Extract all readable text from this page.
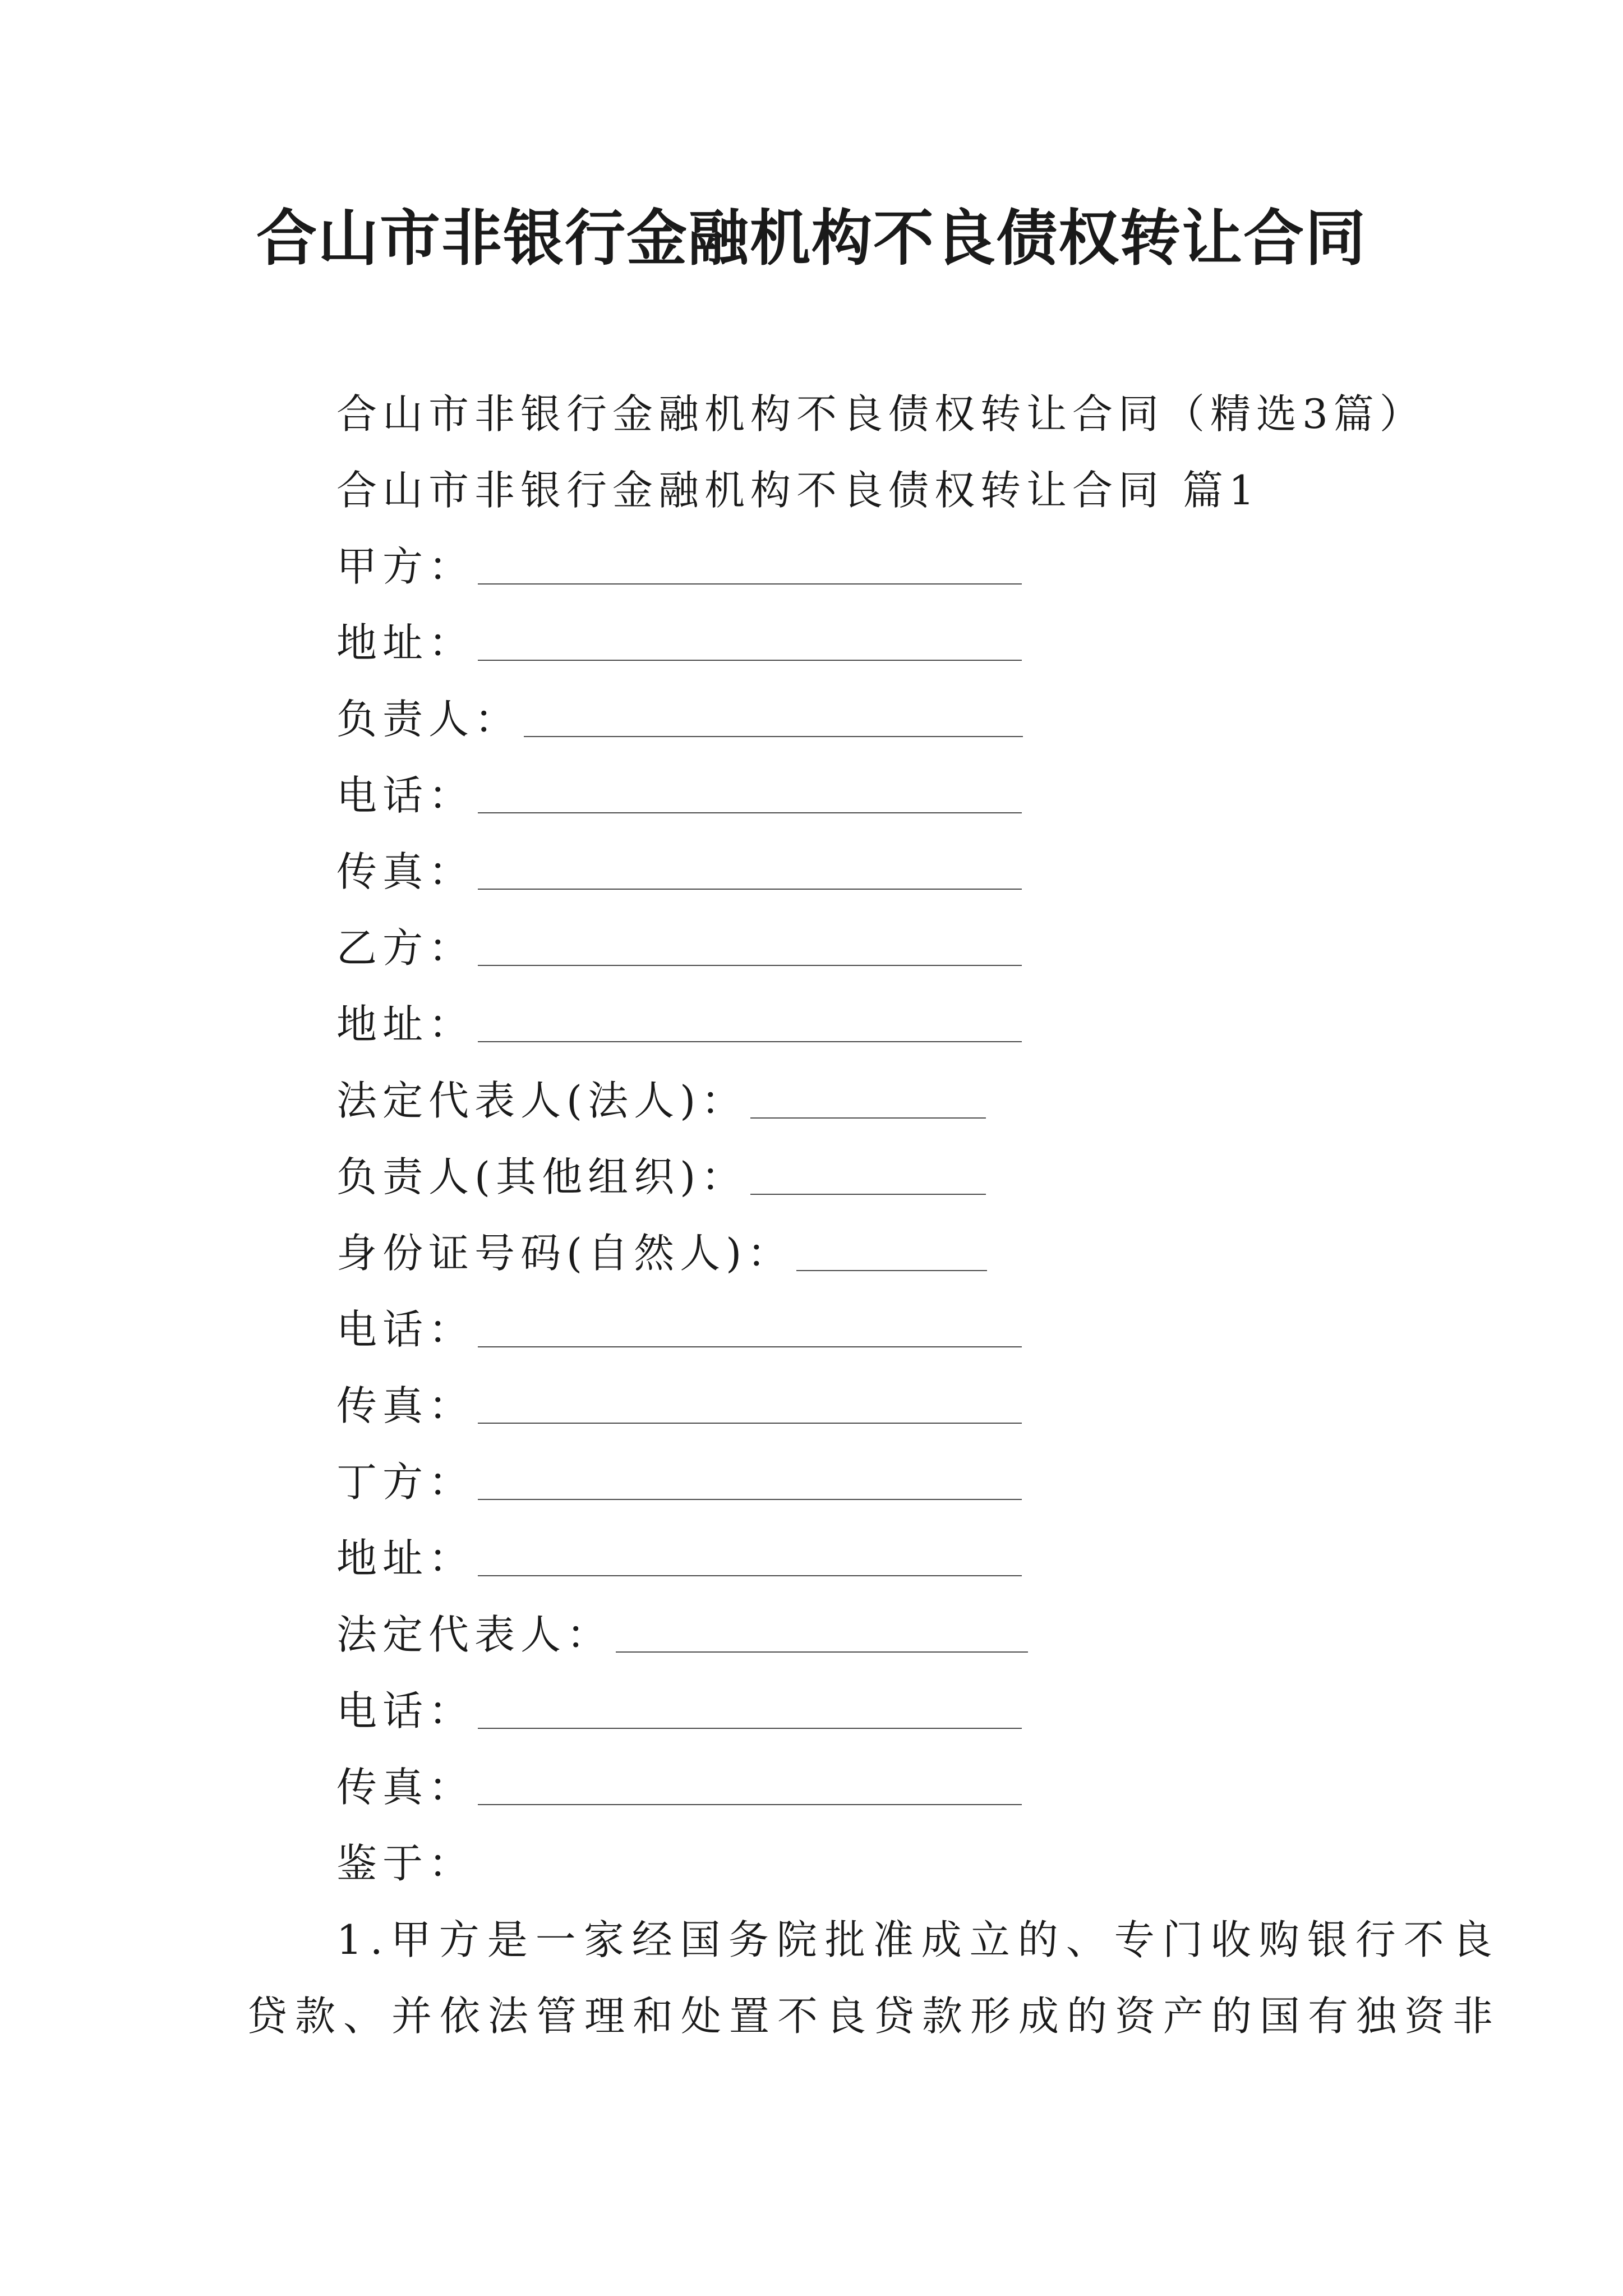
合山市非银行金融机构不良债权转让合同
合山市非银行金融机构不良债权转让合同（精选3篇）
合山市非银行金融机构不良债权转让合同 篇1
甲方：
地址：
负责人：
电话：
传真：
乙方：
地址：
法定代表人(法人)：
负责人(其他组织)：
身份证号码(自然人)：
电话：
传真：
丁方：
地址：
法定代表人：
电话：
传真：
鉴于：
1.甲方是一家经国务院批准成立的、专门收购银行不良
贷款、并依法管理和处置不良贷款形成的资产的国有独资非
